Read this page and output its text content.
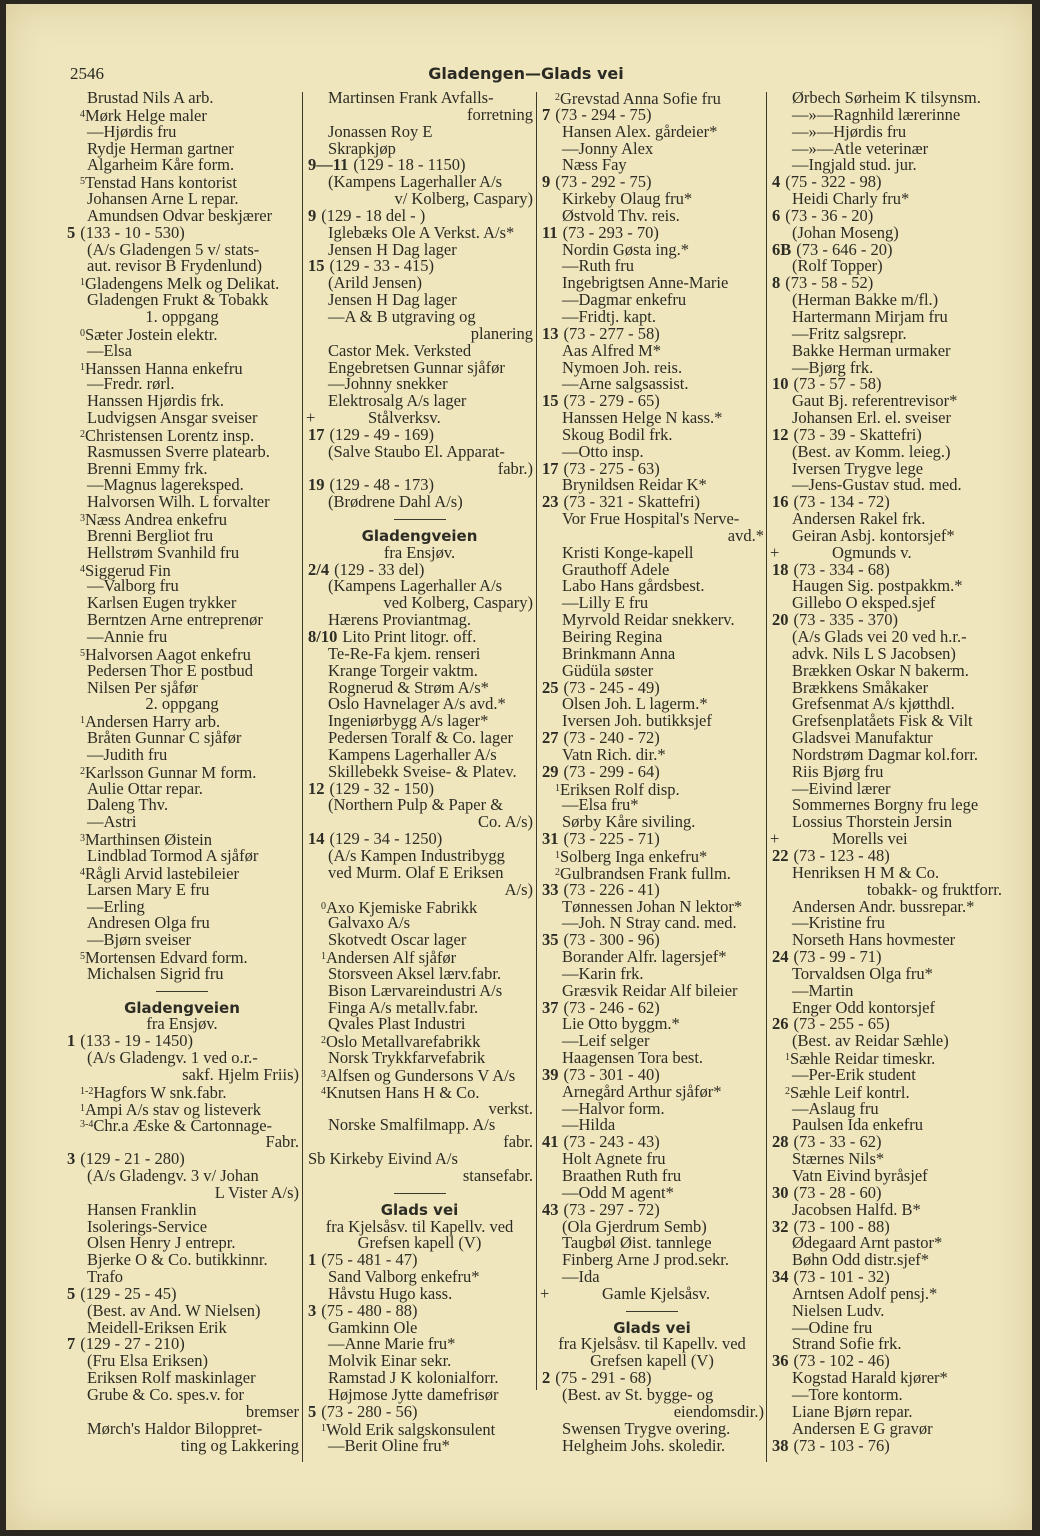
2546	Gladengen—Glads vei
Brustad Nils A arb.
$^4$Mørk Helge maler
—Hjørdis fru
Rydje Herman gartner
Algarheim Kåre form.
$^5$Tenstad Hans kontorist
Johansen Arne L repar.
Amundsen Odvar beskjærer
5 (133 - 10 - 530)
(A/s Gladengen 5 v/ stats-
aut. revisor B Frydenlund)
$^1$Gladengens Melk og Delikat.
Gladengen Frukt & Tobakk
1. oppgang
$^0$Sæter Jostein elektr.
—Elsa
$^1$Hanssen Hanna enkefru
—Fredr. rørl.
Hanssen Hjørdis frk.
Ludvigsen Ansgar sveiser
$^2$Christensen Lorentz insp.
Rasmussen Sverre platearb.
Brenni Emmy frk.
—Magnus lagereksped.
Halvorsen Wilh. L forvalter
$^3$Næss Andrea enkefru
Brenni Bergliot fru
Hellstrøm Svanhild fru
$^4$Siggerud Fin
—Valborg fru
Karlsen Eugen trykker
Berntzen Arne entreprenør
—Annie fru
$^5$Halvorsen Aagot enkefru
Pedersen Thor E postbud
Nilsen Per sjåfør
2. oppgang
$^1$Andersen Harry arb.
Bråten Gunnar C sjåfør
—Judith fru
$^2$Karlsson Gunnar M form.
Aulie Ottar repar.
Daleng Thv.
—Astri
$^3$Marthinsen Øistein
Lindblad Tormod A sjåfør
$^4$Rågli Arvid lastebileier
Larsen Mary E fru
—Erling
Andresen Olga fru
—Bjørn sveiser
$^5$Mortensen Edvard form.
Michalsen Sigrid fru
Gladengveien
fra Ensjøv.
1 (133 - 19 - 1450)
(A/s Gladengv. 1 ved o.r.-
sakf. Hjelm Friis)
$^{1-2}$Hagfors W snk.fabr.
$^1$Ampi A/s stav og listeverk
$^{3-4}$Chr.a Æske & Cartonnage-
Fabr.
3 (129 - 21 - 280)
(A/s Gladengv. 3 v/ Johan
L Vister A/s)
Hansen Franklin
Isolerings-Service
Olsen Henry J entrepr.
Bjerke O & Co. butikkinnr.
Trafo
5 (129 - 25 - 45)
(Best. av And. W Nielsen)
Meidell-Eriksen Erik
7 (129 - 27 - 210)
(Fru Elsa Eriksen)
Eriksen Rolf maskinlager
Grube & Co. spes.v. for
bremser
Mørch's Haldor Biloppret-
ting og Lakkering
Martinsen Frank Avfalls-
forretning
Jonassen Roy E
Skrapkjøp
9—11 (129 - 18 - 1150)
(Kampens Lagerhaller A/s
v/ Kolberg, Caspary)
9 (129 - 18 del - )
Iglebæks Ole A Verkst. A/s*
Jensen H Dag lager
15 (129 - 33 - 415)
(Arild Jensen)
Jensen H Dag lager
—A & B utgraving og
planering
Castor Mek. Verksted
Engebretsen Gunnar sjåfør
—Johnny snekker
Elektrosalg A/s lager
+	Stålverksv.
17 (129 - 49 - 169)
(Salve Staubo El. Apparat-
fabr.)
19 (129 - 48 - 173)
(Brødrene Dahl A/s)
Gladengveien
fra Ensjøv.
2/4 (129 - 33 del)
(Kampens Lagerhaller A/s
ved Kolberg, Caspary)
Hærens Proviantmag.
8/10 Lito Print litogr. off.
Te-Re-Fa kjem. renseri
Krange Torgeir vaktm.
Rognerud & Strøm A/s*
Oslo Havnelager A/s avd.*
Ingeniørbygg A/s lager*
Pedersen Toralf & Co. lager
Kampens Lagerhaller A/s
Skillebekk Sveise- & Platev.
12 (129 - 32 - 150)
(Northern Pulp & Paper &
Co. A/s)
14 (129 - 34 - 1250)
(A/s Kampen Industribygg
ved Murm. Olaf E Eriksen
A/s)
$^0$Axo Kjemiske Fabrikk
Galvaxo A/s
Skotvedt Oscar lager
$^1$Andersen Alf sjåfør
Storsveen Aksel lærv.fabr.
Bison Lærvareindustri A/s
Finga A/s metallv.fabr.
Qvales Plast Industri
$^2$Oslo Metallvarefabrikk
Norsk Trykkfarvefabrik
$^3$Alfsen og Gundersons V A/s
$^4$Knutsen Hans H & Co.
verkst.
Norske Smalfilmapp. A/s
fabr.
Sb Kirkeby Eivind A/s
stansefabr.
Glads vei
fra Kjelsåsv. til Kapellv. ved
Grefsen kapell (V)
1 (75 - 481 - 47)
Sand Valborg enkefru*
Håvstu Hugo kass.
3 (75 - 480 - 88)
Gamkinn Ole
—Anne Marie fru*
Molvik Einar sekr.
Ramstad J K kolonialforr.
Højmose Jytte damefrisør
5 (73 - 280 - 56)
$^1$Wold Erik salgskonsulent
—Berit Oline fru*
$^2$Grevstad Anna Sofie fru
7 (73 - 294 - 75)
Hansen Alex. gårdeier*
—Jonny Alex
Næss Fay
9 (73 - 292 - 75)
Kirkeby Olaug fru*
Østvold Thv. reis.
11 (73 - 293 - 70)
Nordin Gøsta ing.*
—Ruth fru
Ingebrigtsen Anne-Marie
—Dagmar enkefru
—Fridtj. kapt.
13 (73 - 277 - 58)
Aas Alfred M*
Nymoen Joh. reis.
—Arne salgsassist.
15 (73 - 279 - 65)
Hanssen Helge N kass.*
Skoug Bodil frk.
—Otto insp.
17 (73 - 275 - 63)
Brynildsen Reidar K*
23 (73 - 321 - Skattefri)
Vor Frue Hospital's Nerve-
avd.*
Kristi Konge-kapell
Grauthoff Adele
Labo Hans gårdsbest.
—Lilly E fru
Myrvold Reidar snekkerv.
Beiring Regina
Brinkmann Anna
Güdüla søster
25 (73 - 245 - 49)
Olsen Joh. L lagerm.*
Iversen Joh. butikksjef
27 (73 - 240 - 72)
Vatn Rich. dir.*
29 (73 - 299 - 64)
$^1$Eriksen Rolf disp.
—Elsa fru*
Sørby Kåre siviling.
31 (73 - 225 - 71)
$^1$Solberg Inga enkefru*
$^2$Gulbrandsen Frank fullm.
33 (73 - 226 - 41)
Tønnessen Johan N lektor*
—Joh. N Stray cand. med.
35 (73 - 300 - 96)
Borander Alfr. lagersjef*
—Karin frk.
Græsvik Reidar Alf bileier
37 (73 - 246 - 62)
Lie Otto byggm.*
—Leif selger
Haagensen Tora best.
39 (73 - 301 - 40)
Arnegård Arthur sjåfør*
—Halvor form.
—Hilda
41 (73 - 243 - 43)
Holt Agnete fru
Braathen Ruth fru
—Odd M agent*
43 (73 - 297 - 72)
(Ola Gjerdrum Semb)
Taugbøl Øist. tannlege
Finberg Arne J prod.sekr.
—Ida
+	Gamle Kjelsåsv.
Glads vei
fra Kjelsåsv. til Kapellv. ved
Grefsen kapell (V)
2 (75 - 291 - 68)
(Best. av St. bygge- og
eiendomsdir.)
Swensen Trygve overing.
Helgheim Johs. skoledir.
Ørbech Sørheim K tilsynsm.
—»—Ragnhild lærerinne
—»—Hjørdis fru
—»—Atle veterinær
—Ingjald stud. jur.
4 (75 - 322 - 98)
Heidi Charly fru*
6 (73 - 36 - 20)
(Johan Moseng)
6B (73 - 646 - 20)
(Rolf Topper)
8 (73 - 58 - 52)
(Herman Bakke m/fl.)
Hartermann Mirjam fru
—Fritz salgsrepr.
Bakke Herman urmaker
—Bjørg frk.
10 (73 - 57 - 58)
Gaut Bj. referentrevisor*
Johansen Erl. el. sveiser
12 (73 - 39 - Skattefri)
(Best. av Komm. leieg.)
Iversen Trygve lege
—Jens-Gustav stud. med.
16 (73 - 134 - 72)
Andersen Rakel frk.
Geiran Asbj. kontorsjef*
+	Ogmunds v.
18 (73 - 334 - 68)
Haugen Sig. postpakkm.*
Gillebo O eksped.sjef
20 (73 - 335 - 370)
(A/s Glads vei 20 ved h.r.-
advk. Nils L S Jacobsen)
Brækken Oskar N bakerm.
Brækkens Småkaker
Grefsenmat A/s kjøtthdl.
Grefsenplatåets Fisk & Vilt
Gladsvei Manufaktur
Nordstrøm Dagmar kol.forr.
Riis Bjørg fru
—Eivind lærer
Sommernes Borgny fru lege
Lossius Thorstein Jersin
+	Morells vei
22 (73 - 123 - 48)
Henriksen H M & Co.
tobakk- og fruktforr.
Andersen Andr. bussrepar.*
—Kristine fru
Norseth Hans hovmester
24 (73 - 99 - 71)
Torvaldsen Olga fru*
—Martin
Enger Odd kontorsjef
26 (73 - 255 - 65)
(Best. av Reidar Sæhle)
$^1$Sæhle Reidar timeskr.
—Per-Erik student
$^2$Sæhle Leif kontrl.
—Aslaug fru
Paulsen Ida enkefru
28 (73 - 33 - 62)
Stærnes Nils*
Vatn Eivind byråsjef
30 (73 - 28 - 60)
Jacobsen Halfd. B*
32 (73 - 100 - 88)
Ødegaard Arnt pastor*
Bøhn Odd distr.sjef*
34 (73 - 101 - 32)
Arntsen Adolf pensj.*
Nielsen Ludv.
—Odine fru
Strand Sofie frk.
36 (73 - 102 - 46)
Kogstad Harald kjører*
—Tore kontorm.
Liane Bjørn repar.
Andersen E G gravør
38 (73 - 103 - 76)
